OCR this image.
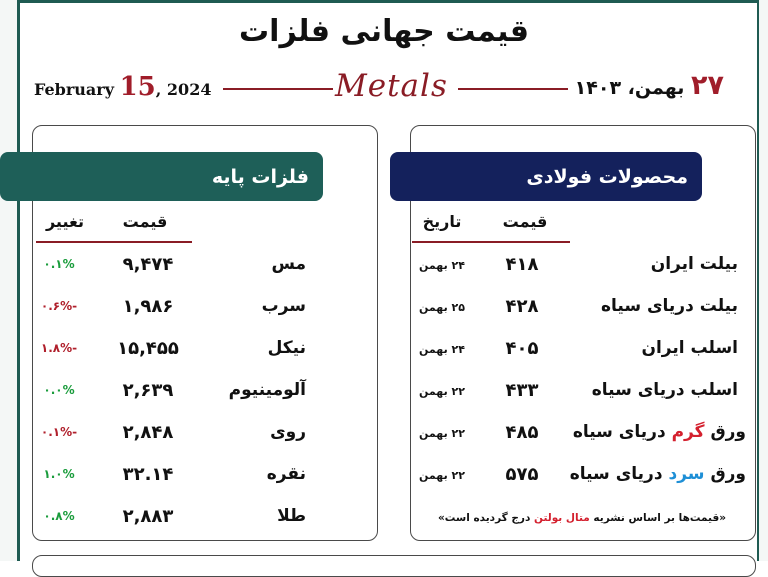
قیمت جهانی فلزات
February 15, 2024	Metals	۲۷ بهمن، ۱۴۰۳
فلزات پایه	محصولات فولادی
تغییر	قیمت	تاریخ	قیمت
۰.۱%	۹,۴۷۴	مس
-۰.۶%	۱,۹۸۶	سرب
-۱.۸%	۱۵,۴۵۵	نیکل
۰.۰%	۲,۶۳۹	آلومینیوم
-۰.۱%	۲,۸۴۸	روی
۱.۰%	۳۲.۱۴	نقره
۰.۸%	۲,۸۸۳	طلا
۲۴ بهمن	۴۱۸	بیلت ایران
۲۵ بهمن	۴۲۸	بیلت دریای سیاه
۲۴ بهمن	۴۰۵	اسلب ایران
۲۲ بهمن	۴۳۳	اسلب دریای سیاه
۲۲ بهمن	۴۸۵	ورق گرم دریای سیاه
۲۲ بهمن	۵۷۵	ورق سرد دریای سیاه
«قیمت‌ها بر اساس نشریه متال بولتن درج گردیده است»
